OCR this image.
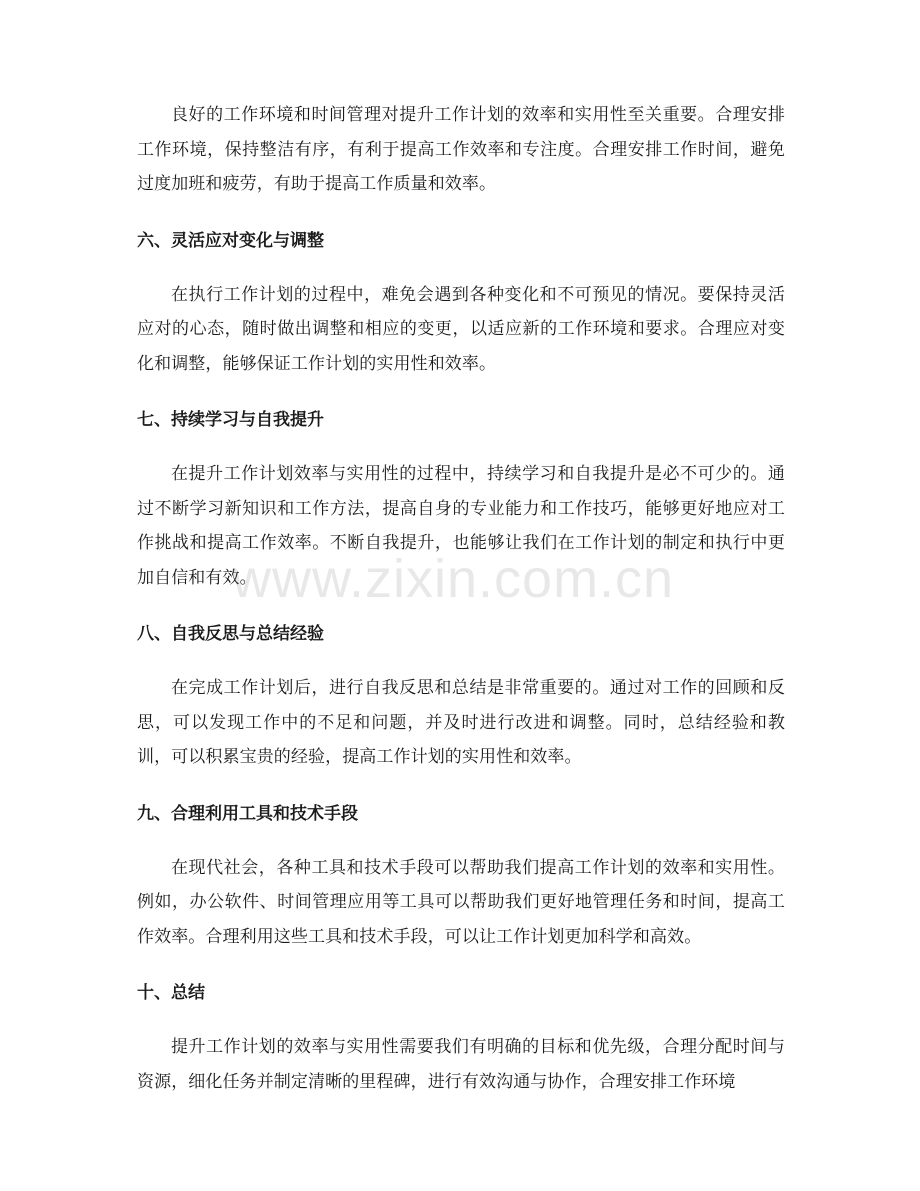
良好的工作环境和时间管理对提升工作计划的效率和实用性至关重要。合理安排工作环境，保持整洁有序，有利于提高工作效率和专注度。合理安排工作时间，避免过度加班和疲劳，有助于提高工作质量和效率。

六、灵活应对变化与调整

在执行工作计划的过程中，难免会遇到各种变化和不可预见的情况。要保持灵活应对的心态，随时做出调整和相应的变更，以适应新的工作环境和要求。合理应对变化和调整，能够保证工作计划的实用性和效率。

七、持续学习与自我提升

在提升工作计划效率与实用性的过程中，持续学习和自我提升是必不可少的。通过不断学习新知识和工作方法，提高自身的专业能力和工作技巧，能够更好地应对工作挑战和提高工作效率。不断自我提升，也能够让我们在工作计划的制定和执行中更加自信和有效。

八、自我反思与总结经验

在完成工作计划后，进行自我反思和总结是非常重要的。通过对工作的回顾和反思，可以发现工作中的不足和问题，并及时进行改进和调整。同时，总结经验和教训，可以积累宝贵的经验，提高工作计划的实用性和效率。

九、合理利用工具和技术手段

在现代社会，各种工具和技术手段可以帮助我们提高工作计划的效率和实用性。例如，办公软件、时间管理应用等工具可以帮助我们更好地管理任务和时间，提高工作效率。合理利用这些工具和技术手段，可以让工作计划更加科学和高效。

十、总结

提升工作计划的效率与实用性需要我们有明确的目标和优先级，合理分配时间与资源，细化任务并制定清晰的里程碑，进行有效沟通与协作，合理安排工作环境

www.zixin.com.cn
